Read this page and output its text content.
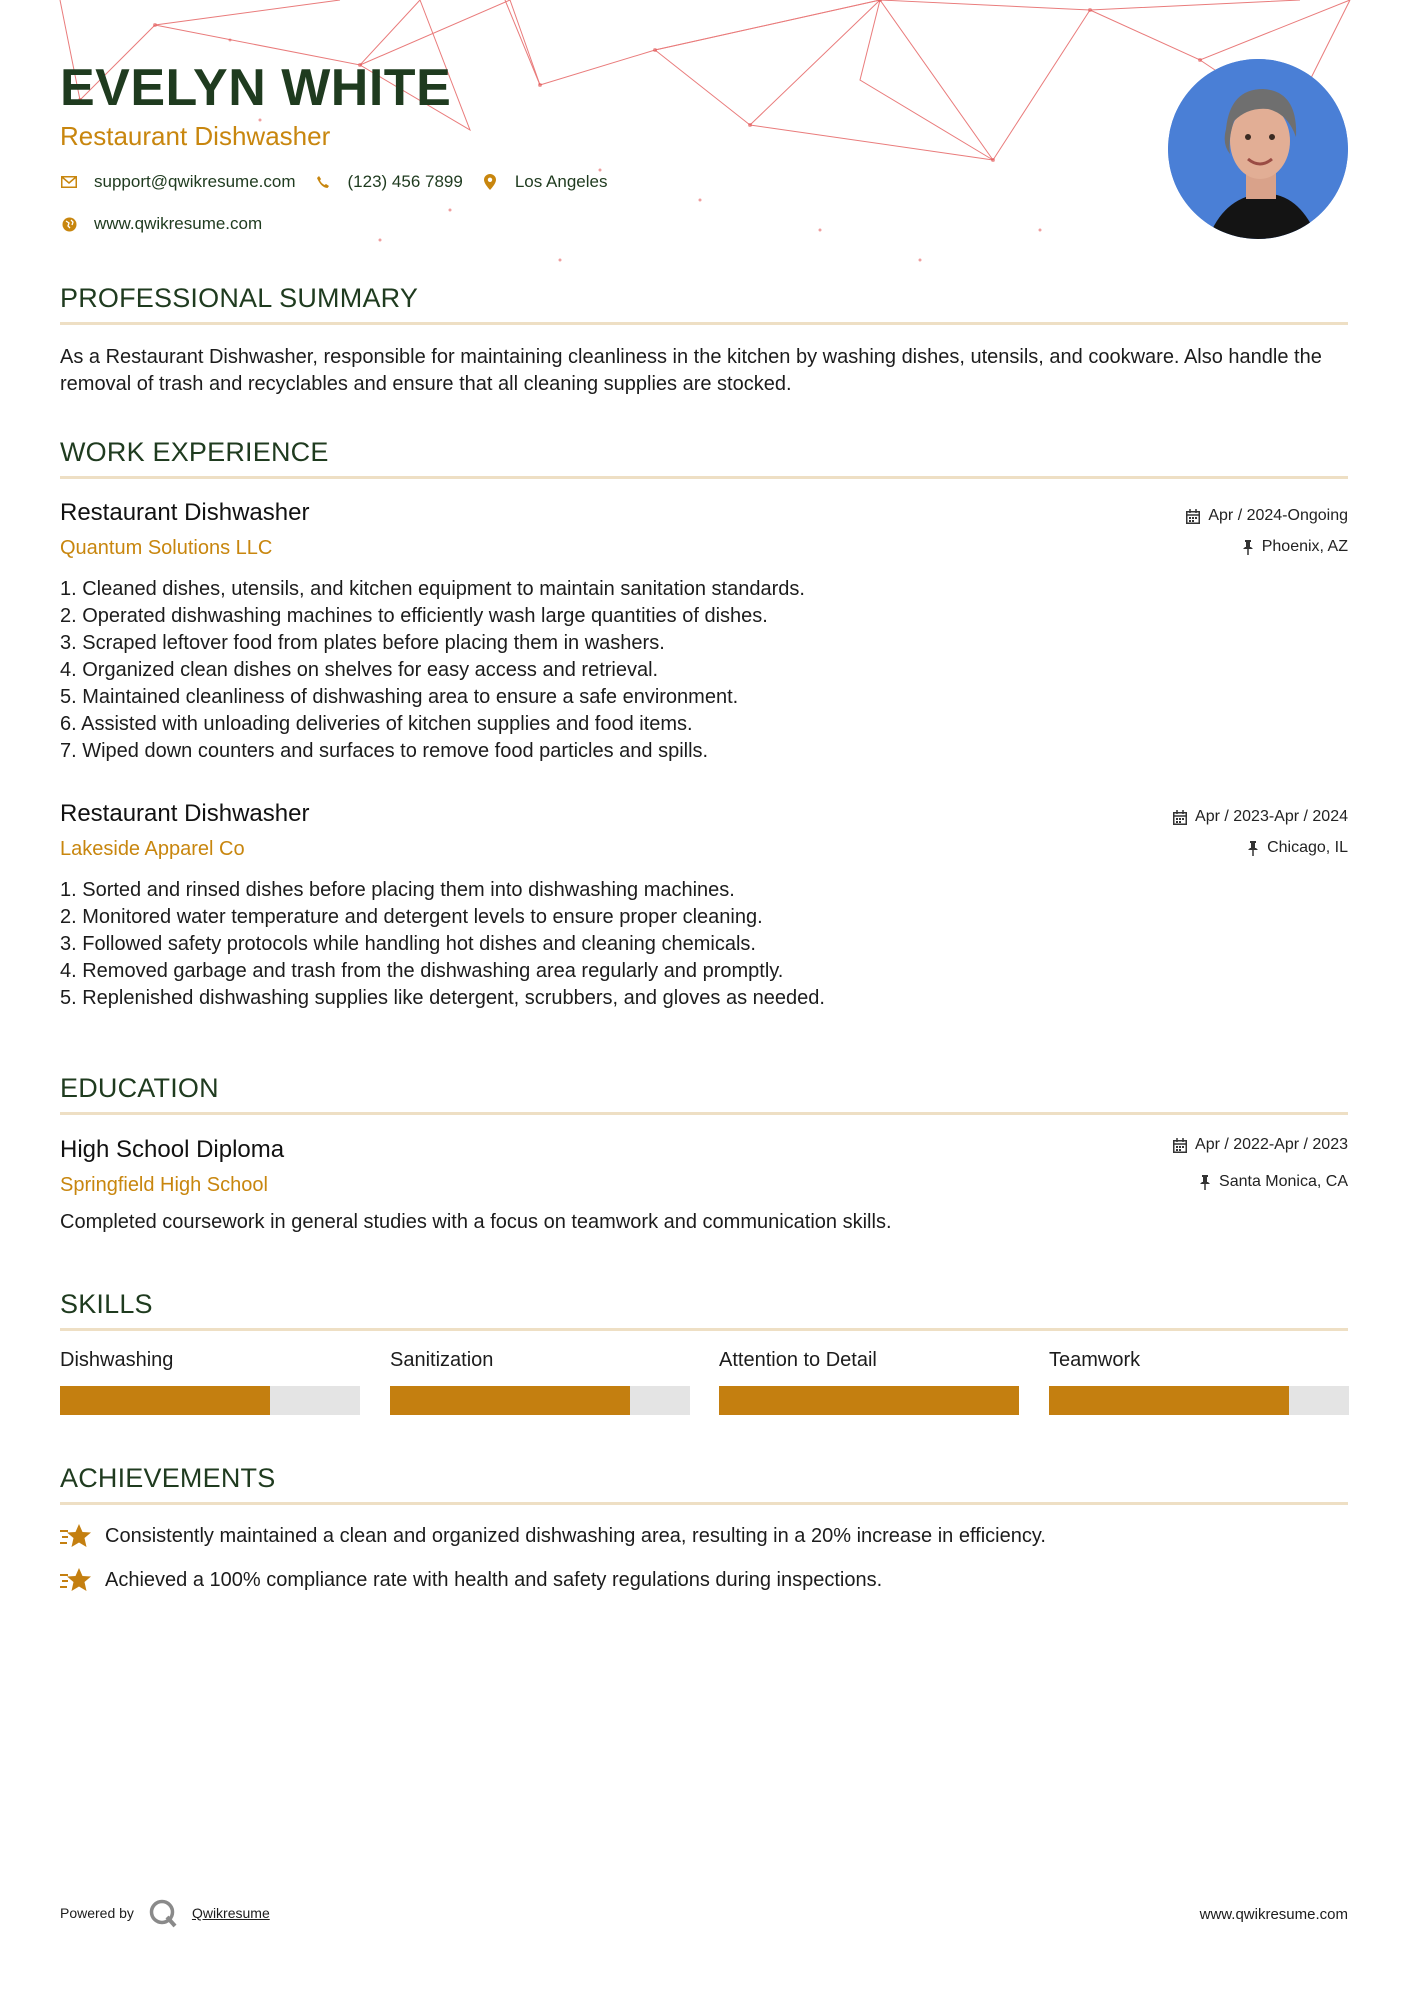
EVELYN WHITE
Restaurant Dishwasher
support@qwikresume.com	(123) 456 7899	Los Angeles
www.qwikresume.com
PROFESSIONAL SUMMARY
As a Restaurant Dishwasher, responsible for maintaining cleanliness in the kitchen by washing dishes, utensils, and cookware. Also handle the removal of trash and recyclables and ensure that all cleaning supplies are stocked.
WORK EXPERIENCE
Restaurant Dishwasher
Quantum Solutions LLC
Apr / 2024-Ongoing
Phoenix, AZ
1. Cleaned dishes, utensils, and kitchen equipment to maintain sanitation standards.
2. Operated dishwashing machines to efficiently wash large quantities of dishes.
3. Scraped leftover food from plates before placing them in washers.
4. Organized clean dishes on shelves for easy access and retrieval.
5. Maintained cleanliness of dishwashing area to ensure a safe environment.
6. Assisted with unloading deliveries of kitchen supplies and food items.
7. Wiped down counters and surfaces to remove food particles and spills.
Restaurant Dishwasher
Lakeside Apparel Co
Apr / 2023-Apr / 2024
Chicago, IL
1. Sorted and rinsed dishes before placing them into dishwashing machines.
2. Monitored water temperature and detergent levels to ensure proper cleaning.
3. Followed safety protocols while handling hot dishes and cleaning chemicals.
4. Removed garbage and trash from the dishwashing area regularly and promptly.
5. Replenished dishwashing supplies like detergent, scrubbers, and gloves as needed.
EDUCATION
High School Diploma
Springfield High School
Apr / 2022-Apr / 2023
Santa Monica, CA
Completed coursework in general studies with a focus on teamwork and communication skills.
SKILLS
Dishwashing	Sanitization	Attention to Detail	Teamwork
ACHIEVEMENTS
Consistently maintained a clean and organized dishwashing area, resulting in a 20% increase in efficiency.
Achieved a 100% compliance rate with health and safety regulations during inspections.
Powered by	Qwikresume	www.qwikresume.com
